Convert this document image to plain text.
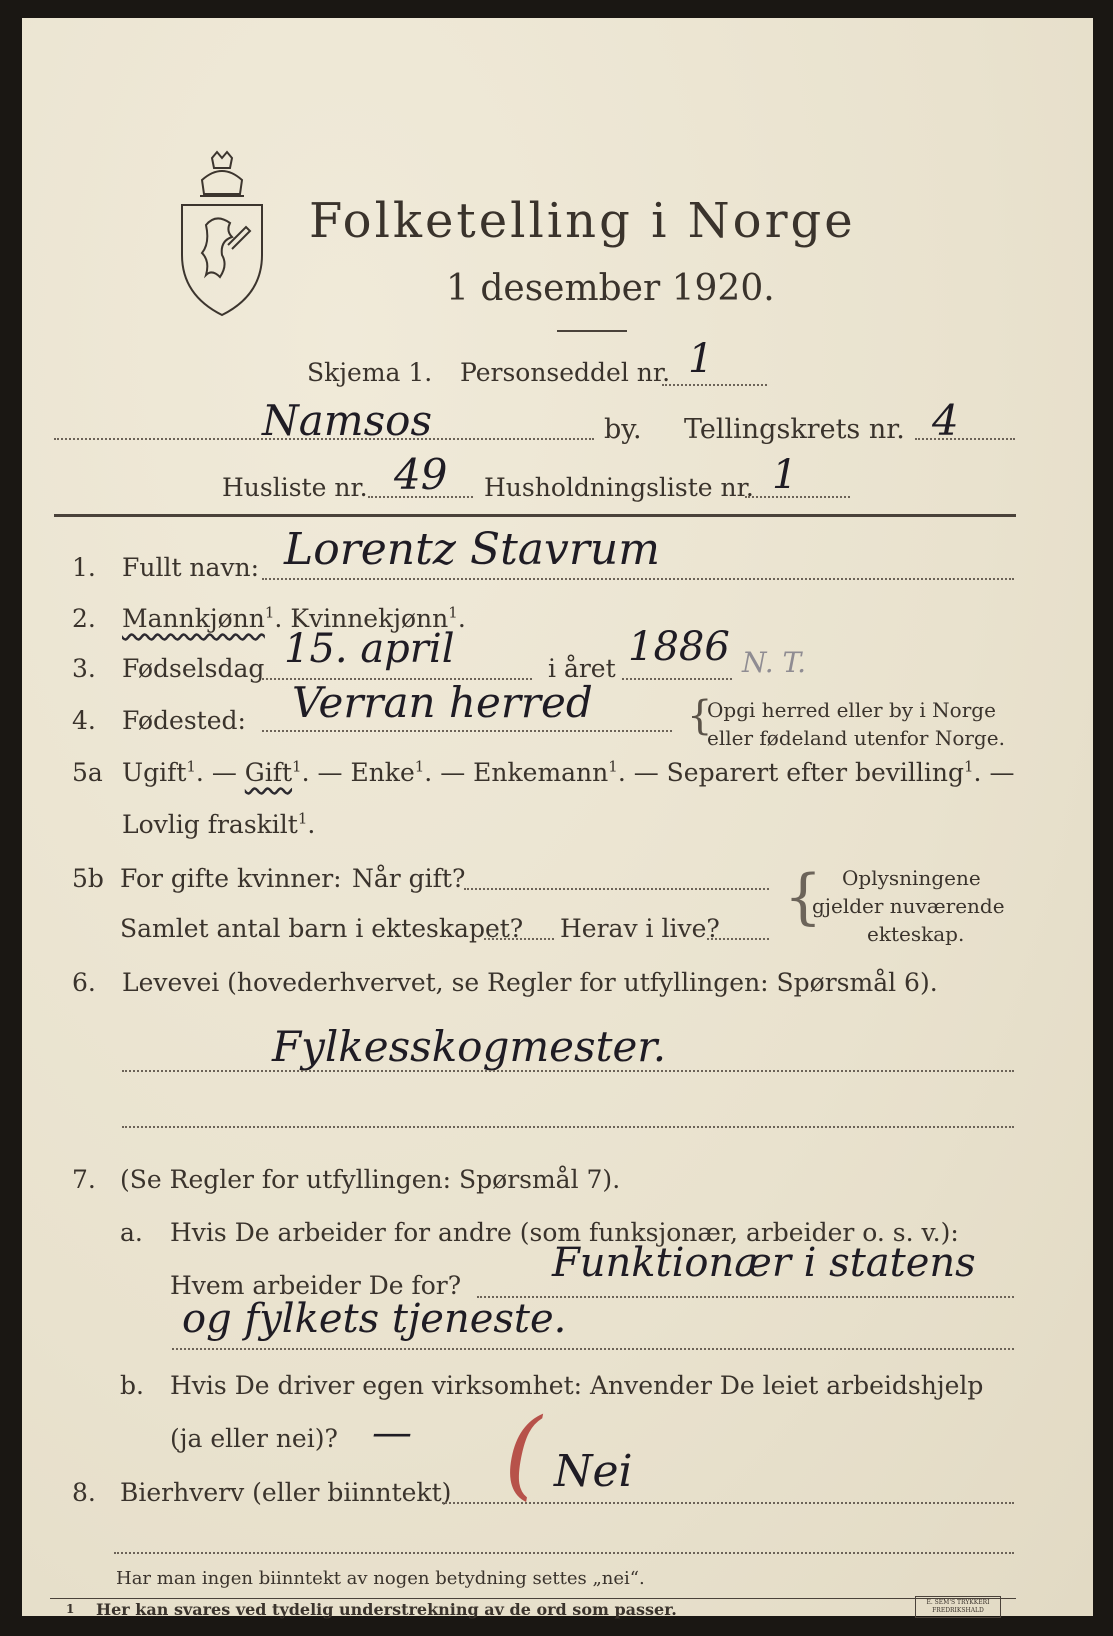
Folketelling i Norge
1 desember 1920.
Skjema 1. Personseddel nr. 1
Namsos	by. Tellingskrets nr. 4
Husliste nr. 49 Husholdningsliste nr. 1
1. Fullt navn: Lorentz Stavrum
2. Mannkjønn$^1$. Kvinnekjønn$^1$.
3. Fødselsdag 15. april	i året 1886 N. T.
4. Fødested: Verran herred {
Opgi herred eller by i Norge
eller fødeland utenfor Norge.
5a Ugift$^1$. — Gift$^1$. — Enke$^1$. — Enkemann$^1$. — Separert efter bevilling$^1$. —
Lovlig fraskilt$^1$.
5b For gifte kvinner: Når gift?
Samlet antal barn i ekteskapet? Herav i live? { Oplysningene
gjelder nuværende
ekteskap.
6. Levevei (hovederhvervet, se Regler for utfyllingen: Spørsmål 6).
Fylkesskogmester.
7. (Se Regler for utfyllingen: Spørsmål 7).
a. Hvis De arbeider for andre (som funksjonær, arbeider o. s. v.):
Hvem arbeider De for? Funktionær i statens
og fylkets tjeneste.
b. Hvis De driver egen virksomhet: Anvender De leiet arbeidshjelp
(ja eller nei)? —
8. Bierhverv (eller biinntekt) ( Nei
Har man ingen biinntekt av nogen betydning settes „nei“.
1 Her kan svares ved tydelig understrekning av de ord som passer.	E. SEM'S TRYKKERI FREDRIKSHALD
